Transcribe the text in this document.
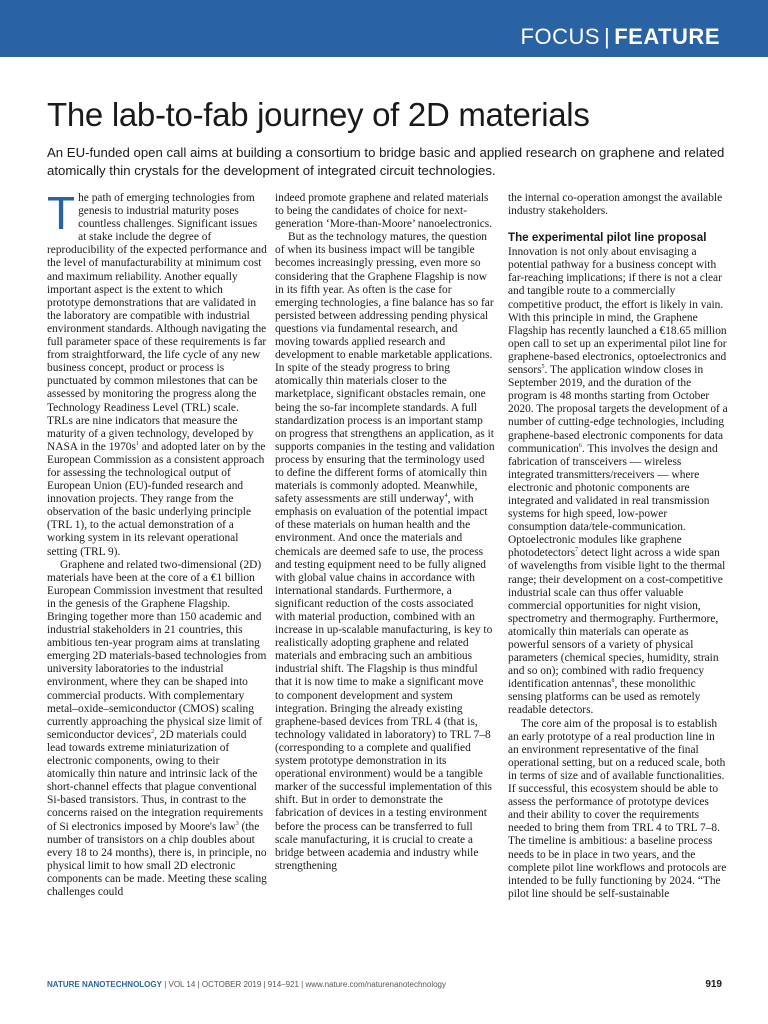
FOCUS | FEATURE
The lab-to-fab journey of 2D materials

An EU-funded open call aims at building a consortium to bridge basic and applied research on graphene and related atomically thin crystals for the development of integrated circuit technologies.

The path of emerging technologies from genesis to industrial maturity poses countless challenges. Significant issues at stake include the degree of reproducibility of the expected performance and the level of manufacturability at minimum cost and maximum reliability. Another equally important aspect is the extent to which prototype demonstrations that are validated in the laboratory are compatible with industrial environment standards. Although navigating the full parameter space of these requirements is far from straightforward, the life cycle of any new business concept, product or process is punctuated by common milestones that can be assessed by monitoring the progress along the Technology Readiness Level (TRL) scale. TRLs are nine indicators that measure the maturity of a given technology, developed by NASA in the $1970s^1$ and adopted later on by the European Commission as a consistent approach for assessing the technological output of European Union (EU)-funded research and innovation projects. They range from the observation of the basic underlying principle (TRL 1), to the actual demonstration of a working system in its relevant operational setting (TRL 9).

Graphene and related two-dimensional (2D) materials have been at the core of a €1 billion European Commission investment that resulted in the genesis of the Graphene Flagship. Bringing together more than 150 academic and industrial stakeholders in 21 countries, this ambitious ten-year program aims at translating emerging 2D materials-based technologies from university laboratories to the industrial environment, where they can be shaped into commercial products. With complementary metal–oxide–semiconductor (CMOS) scaling currently approaching the physical size limit of semiconductor devices$^2$, 2D materials could lead towards extreme miniaturization of electronic components, owing to their atomically thin nature and intrinsic lack of the short-channel effects that plague conventional Si-based transistors. Thus, in contrast to the concerns raised on the integration requirements of Si electronics imposed by Moore's law$^3$ (the number of transistors on a chip doubles about every 18 to 24 months), there is, in principle, no physical limit to how small 2D electronic components can be made. Meeting these scaling challenges could

indeed promote graphene and related materials to being the candidates of choice for next-generation ‘More-than-Moore’ nanoelectronics.

But as the technology matures, the question of when its business impact will be tangible becomes increasingly pressing, even more so considering that the Graphene Flagship is now in its fifth year. As often is the case for emerging technologies, a fine balance has so far persisted between addressing pending physical questions via fundamental research, and moving towards applied research and development to enable marketable applications. In spite of the steady progress to bring atomically thin materials closer to the marketplace, significant obstacles remain, one being the so-far incomplete standards. A full standardization process is an important stamp on progress that strengthens an application, as it supports companies in the testing and validation process by ensuring that the terminology used to define the different forms of atomically thin materials is commonly adopted. Meanwhile, safety assessments are still underway$^4$, with emphasis on evaluation of the potential impact of these materials on human health and the environment. And once the materials and chemicals are deemed safe to use, the process and testing equipment need to be fully aligned with global value chains in accordance with international standards. Furthermore, a significant reduction of the costs associated with material production, combined with an increase in up-scalable manufacturing, is key to realistically adopting graphene and related materials and embracing such an ambitious industrial shift. The Flagship is thus mindful that it is now time to make a significant move to component development and system integration. Bringing the already existing graphene-based devices from TRL 4 (that is, technology validated in laboratory) to TRL 7–8 (corresponding to a complete and qualified system prototype demonstration in its operational environment) would be a tangible marker of the successful implementation of this shift. But in order to demonstrate the fabrication of devices in a testing environment before the process can be transferred to full scale manufacturing, it is crucial to create a bridge between academia and industry while strengthening

the internal co-operation amongst the available industry stakeholders.

The experimental pilot line proposal

Innovation is not only about envisaging a potential pathway for a business concept with far-reaching implications; if there is not a clear and tangible route to a commercially competitive product, the effort is likely in vain. With this principle in mind, the Graphene Flagship has recently launched a €18.65 million open call to set up an experimental pilot line for graphene-based electronics, optoelectronics and sensors$^5$. The application window closes in September 2019, and the duration of the program is 48 months starting from October 2020. The proposal targets the development of a number of cutting-edge technologies, including graphene-based electronic components for data communication$^6$. This involves the design and fabrication of transceivers — wireless integrated transmitters/receivers — where electronic and photonic components are integrated and validated in real transmission systems for high speed, low-power consumption data/tele-communication. Optoelectronic modules like graphene photodetectors$^7$ detect light across a wide span of wavelengths from visible light to the thermal range; their development on a cost-competitive industrial scale can thus offer valuable commercial opportunities for night vision, spectrometry and thermography. Furthermore, atomically thin materials can operate as powerful sensors of a variety of physical parameters (chemical species, humidity, strain and so on); combined with radio frequency identification antennas$^8$, these monolithic sensing platforms can be used as remotely readable detectors.

The core aim of the proposal is to establish an early prototype of a real production line in an environment representative of the final operational setting, but on a reduced scale, both in terms of size and of available functionalities. If successful, this ecosystem should be able to assess the performance of prototype devices and their ability to cover the requirements needed to bring them from TRL 4 to TRL 7–8. The timeline is ambitious: a baseline process needs to be in place in two years, and the complete pilot line workflows and protocols are intended to be fully functioning by 2024. “The pilot line should be self-sustainable

NATURE NANOTECHNOLOGY | VOL 14 | OCTOBER 2019 | 914–921 | www.nature.com/naturenanotechnology	919
